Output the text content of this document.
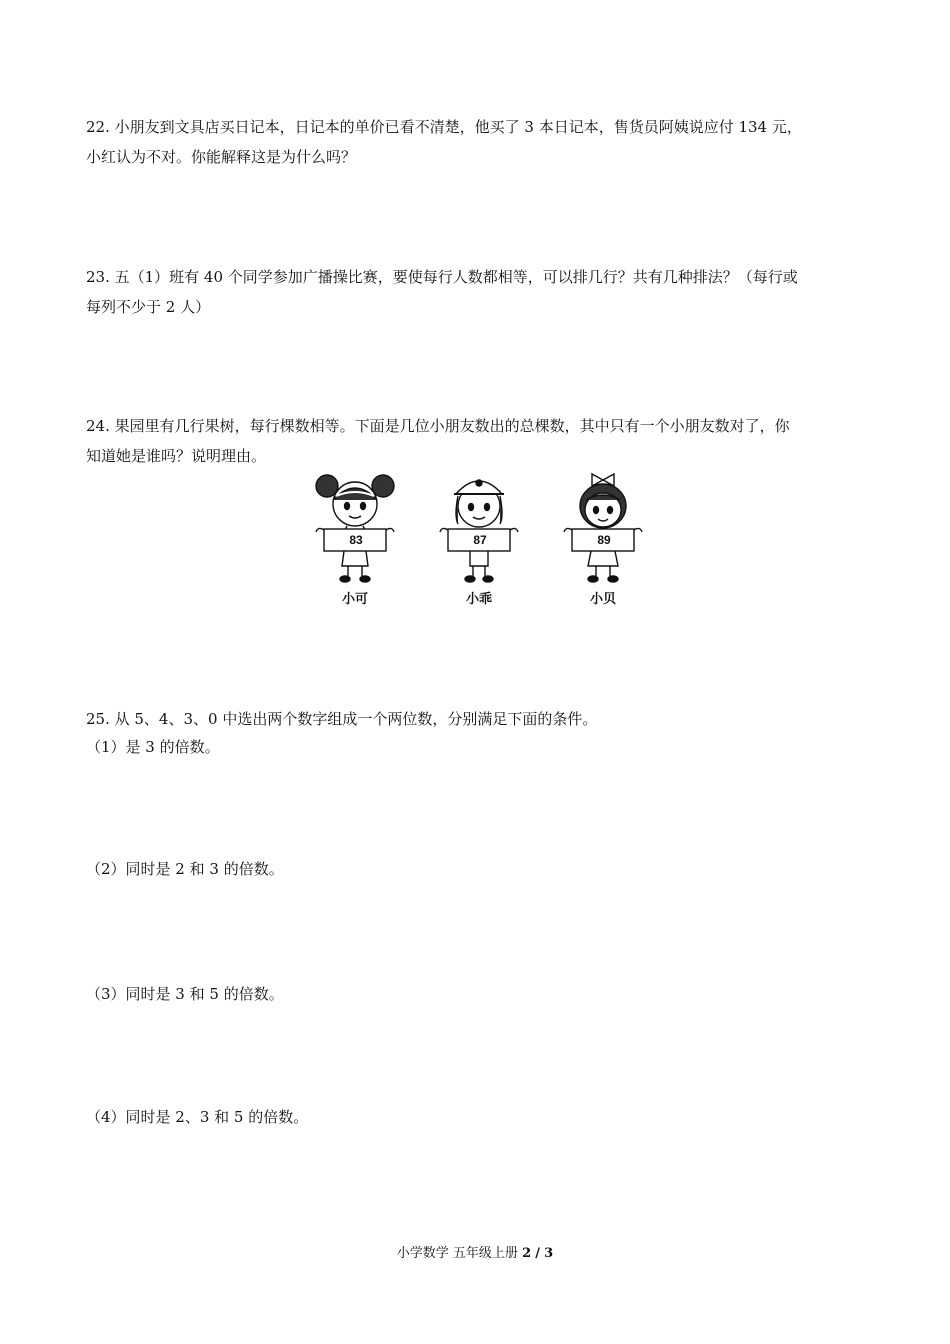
22. 小朋友到文具店买日记本，日记本的单价已看不清楚，他买了 3 本日记本，售货员阿姨说应付 134 元，
小红认为不对。你能解释这是为什么吗？
23. 五（1）班有 40 个同学参加广播操比赛，要使每行人数都相等，可以排几行？共有几种排法？（每行或
每列不少于 2 人）
24. 果园里有几行果树，每行棵数相等。下面是几位小朋友数出的总棵数，其中只有一个小朋友数对了，你
知道她是谁吗？说明理由。
83
小可
87
小乖
89
小贝
25. 从 5、4、3、0 中选出两个数字组成一个两位数，分别满足下面的条件。
（1）是 3 的倍数。
（2）同时是 2 和 3 的倍数。
（3）同时是 3 和 5 的倍数。
（4）同时是 2、3 和 5 的倍数。
小学数学 五年级上册 2 / 3
